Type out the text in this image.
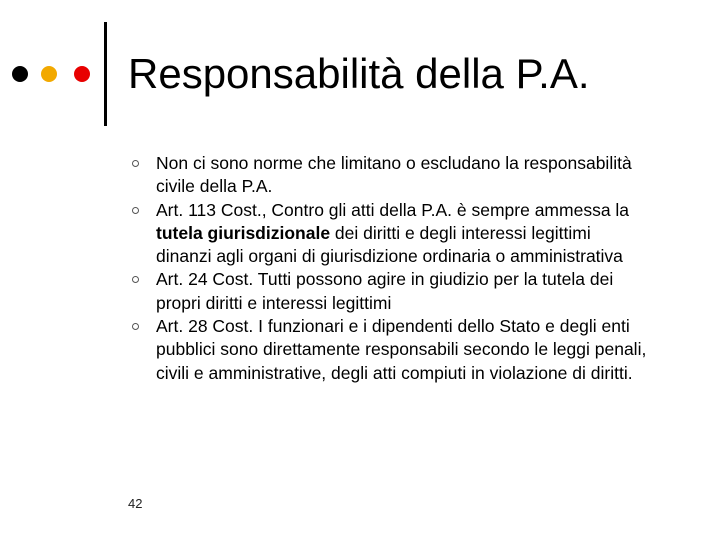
Responsabilità della P.A.
Non ci sono norme che limitano o escludano la responsabilità civile della P.A.
Art. 113 Cost., Contro gli atti della P.A. è sempre ammessa la tutela giurisdizionale dei diritti e degli interessi legittimi dinanzi agli organi di giurisdizione ordinaria o amministrativa
Art. 24 Cost. Tutti possono agire in giudizio per la tutela dei propri diritti e interessi legittimi
Art. 28 Cost. I funzionari e i dipendenti dello Stato e degli enti pubblici sono direttamente responsabili secondo le leggi penali, civili e amministrative, degli atti compiuti in violazione di diritti.
42
